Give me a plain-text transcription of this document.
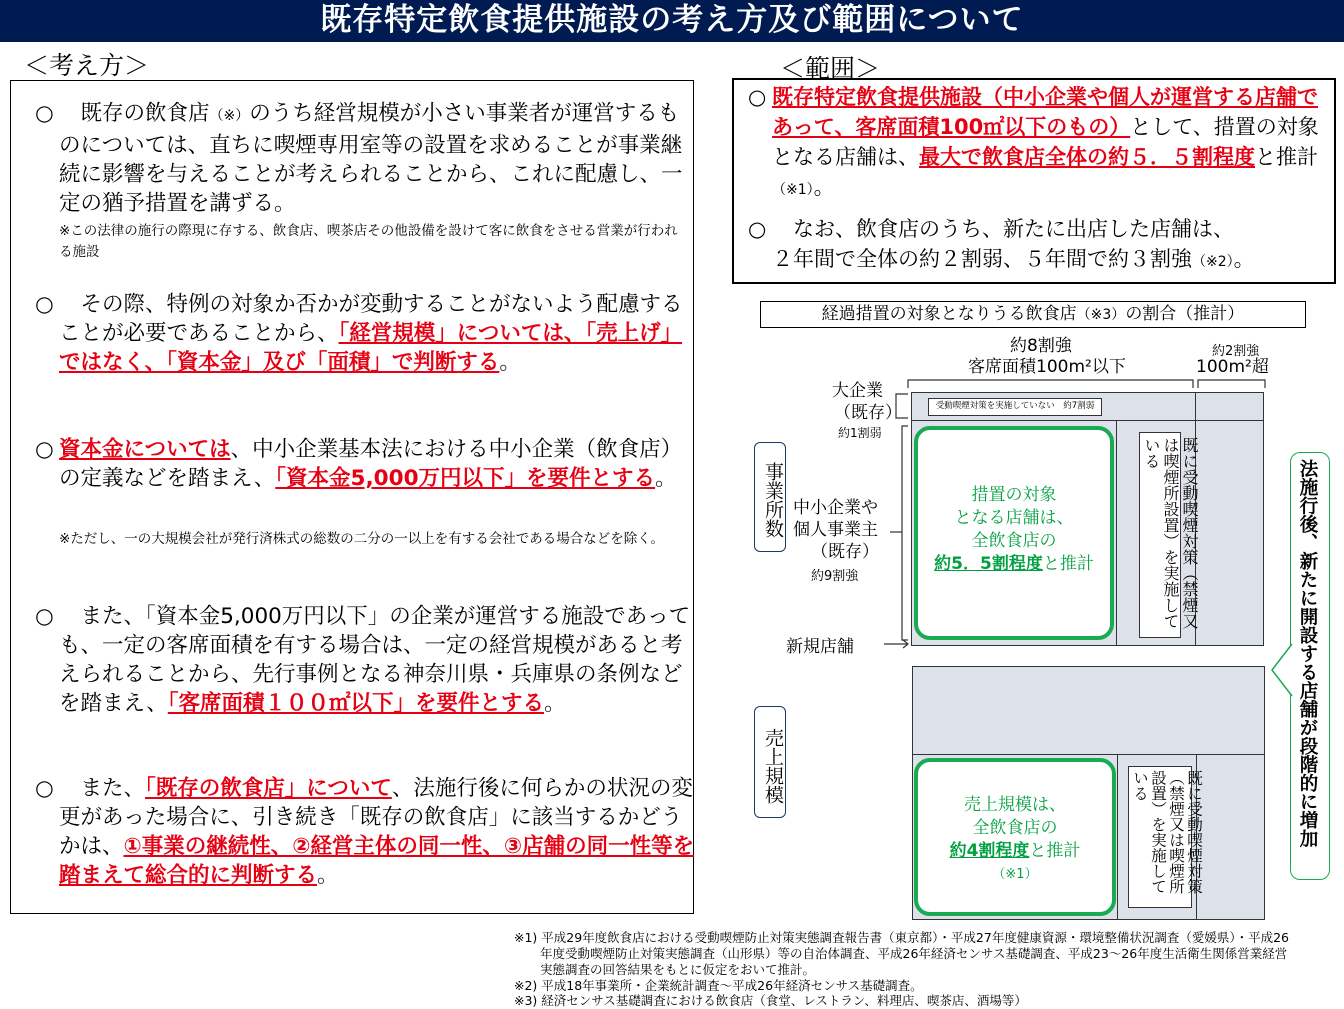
既存特定飲食提供施設の考え方及び範囲について
＜考え方＞
○ 　既存の飲食店（※）のうち経営規模が小さい事業者が運営するものについては、直ちに喫煙専用室等の設置を求めることが事業継続に影響を与えることが考えられることから、これに配慮し、一定の猶予措置を講ずる。
※この法律の施行の際現に存する、飲食店、喫茶店その他設備を設けて客に飲食をさせる営業が行われる施設
○ 　その際、特例の対象か否かが変動することがないよう配慮することが必要であることから、「経営規模」については、「売上げ」ではなく、「資本金」及び「面積」で判断する。
○ 資本金については、中小企業基本法における中小企業（飲食店）の定義などを踏まえ、「資本金5,000万円以下」を要件とする。
※ただし、一の大規模会社が発行済株式の総数の二分の一以上を有する会社である場合などを除く。
○ 　また、「資本金5,000万円以下」の企業が運営する施設であっても、一定の客席面積を有する場合は、一定の経営規模があると考えられることから、先行事例となる神奈川県・兵庫県の条例などを踏まえ、「客席面積１００㎡以下」を要件とする。
○ 　また、「既存の飲食店」について、法施行後に何らかの状況の変更があった場合に、引き続き「既存の飲食店」に該当するかどうかは、①事業の継続性、②経営主体の同一性、③店舗の同一性等を踏まえて総合的に判断する。
＜範囲＞
○ 既存特定飲食提供施設（中小企業や個人が運営する店舗であって、客席面積100㎡以下のもの）として、措置の対象となる店舗は、最大で飲食店全体の約５．５割程度と推計（※1）。
○ 　なお、飲食店のうち、新たに出店した店舗は、
２年間で全体の約２割弱、５年間で約３割強（※2）。
経過措置の対象となりうる飲食店（※3）の割合（推計）
約8割強
客席面積100m²以下
約2割強
100m²超
大企業
（既存）
約1割弱
事業所数 中小企業や
個人事業主
（既存）
約9割強
新規店舗
受動喫煙対策を実施していない　約7割弱
措置の対象
となる店舗は、
全飲食店の
約5．5割程度と推計	既に受動喫煙対策（禁煙又は喫煙所設置）を実施している
売上規模
売上規模は、
全飲食店の
約4割程度と推計
（※1）	既に受動喫煙対策（禁煙又は喫煙所設置）を実施している	法施行後、新たに開設する店舗が段階的に増加
※1) 平成29年度飲食店における受動喫煙防止対策実態調査報告書（東京都）・平成27年度健康資源・環境整備状況調査（愛媛県）・平成26
年度受動喫煙防止対策実態調査（山形県）等の自治体調査、平成26年経済センサス基礎調査、平成23〜26年度生活衛生関係営業経営
実態調査の回答結果をもとに仮定をおいて推計。
※2) 平成18年事業所・企業統計調査〜平成26年経済センサス基礎調査。
※3) 経済センサス基礎調査における飲食店（食堂、レストラン、料理店、喫茶店、酒場等）
